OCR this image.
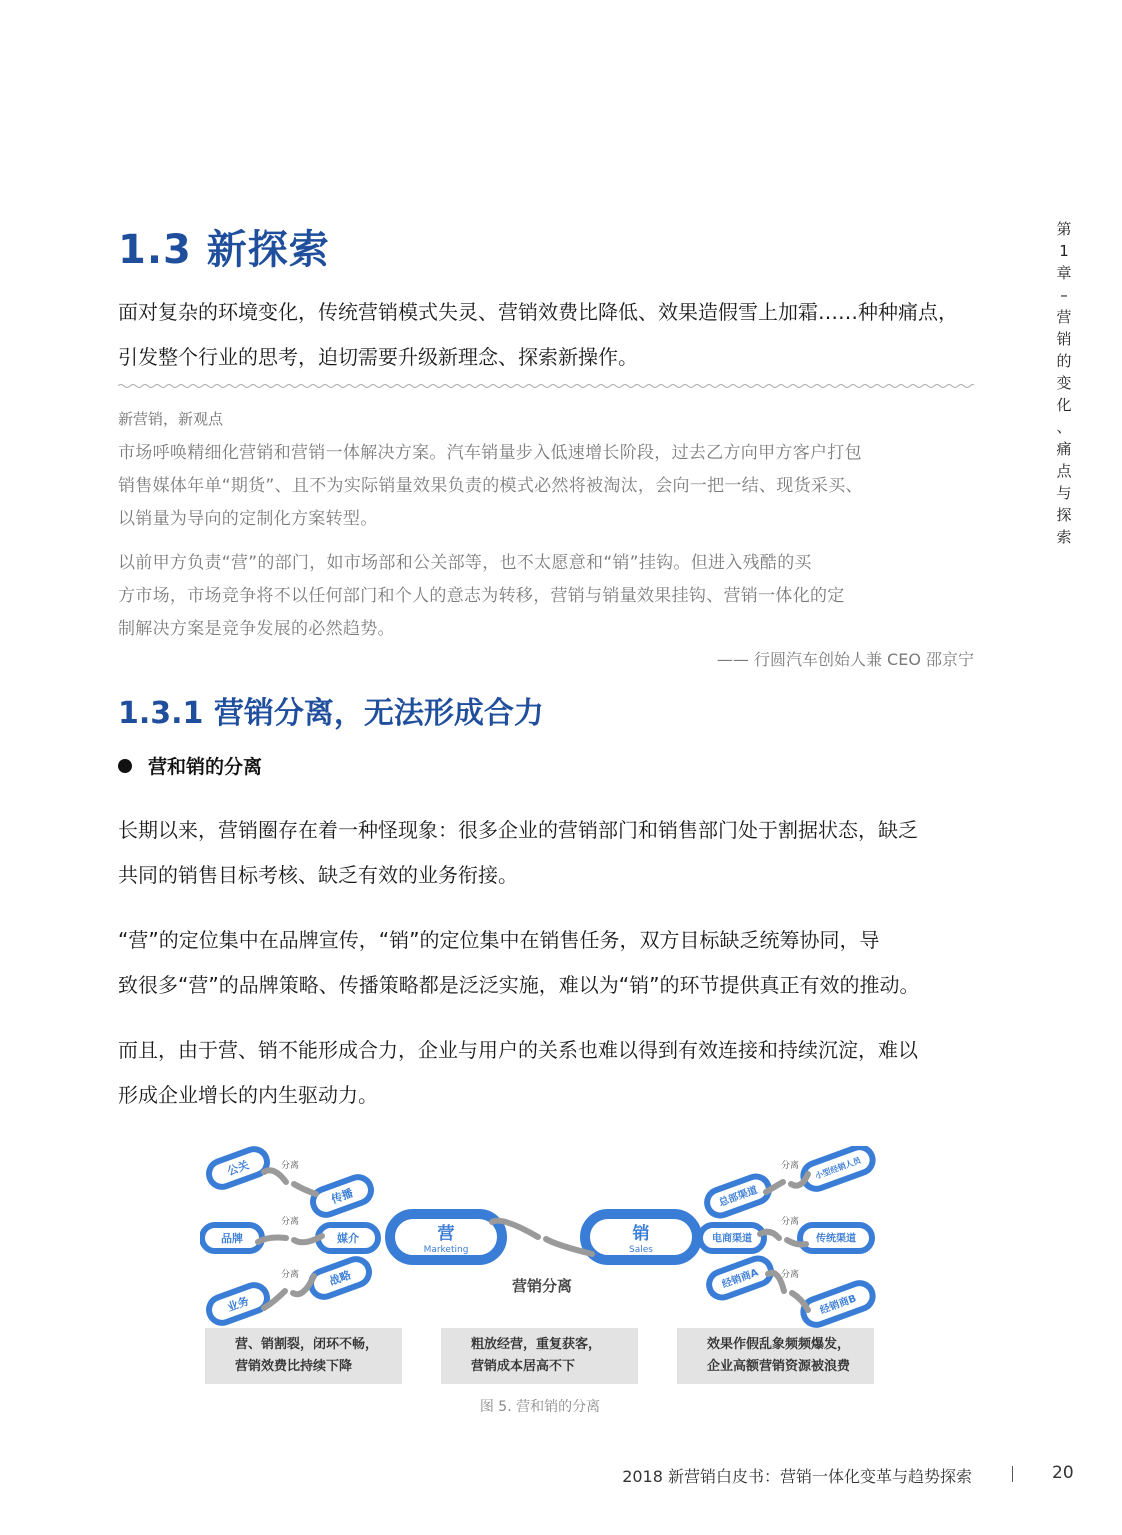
1.3 新探索
面对复杂的环境变化，传统营销模式失灵、营销效费比降低、效果造假雪上加霜……种种痛点，
引发整个行业的思考，迫切需要升级新理念、探索新操作。
新营销，新观点
市场呼唤精细化营销和营销一体解决方案。汽车销量步入低速增长阶段，过去乙方向甲方客户打包
销售媒体年单“期货”、且不为实际销量效果负责的模式必然将被淘汰，会向一把一结、现货采买、
以销量为导向的定制化方案转型。
以前甲方负责“营”的部门，如市场部和公关部等，也不太愿意和“销”挂钩。但进入残酷的买
方市场，市场竞争将不以任何部门和个人的意志为转移，营销与销量效果挂钩、营销一体化的定
制解决方案是竞争发展的必然趋势。
—— 行圆汽车创始人兼 CEO 邵京宁
1.3.1 营销分离，无法形成合力
营和销的分离
长期以来，营销圈存在着一种怪现象：很多企业的营销部门和销售部门处于割据状态，缺乏
共同的销售目标考核、缺乏有效的业务衔接。
“营”的定位集中在品牌宣传，“销”的定位集中在销售任务，双方目标缺乏统筹协同，导
致很多“营”的品牌策略、传播策略都是泛泛实施，难以为“销”的环节提供真正有效的推动。
而且，由于营、销不能形成合力，企业与用户的关系也难以得到有效连接和持续沉淀，难以
形成企业增长的内生驱动力。
第
1
章
–
营
销
的
变
化
、
痛
点
与
探
索
公关
传播
分离
品牌	媒介
分离
业务
战略
分离
总部渠道
小型经销人员
分离
电商渠道	传统渠道
分离
经销商A
经销商B
分离
营
Marketing
销
Sales
营销分离
营、销割裂，闭环不畅，
营销效费比持续下降
粗放经营，重复获客，
营销成本居高不下
效果作假乱象频频爆发，
企业高额营销资源被浪费
图 5. 营和销的分离
2018 新营销白皮书：营销一体化变革与趋势探索	20
